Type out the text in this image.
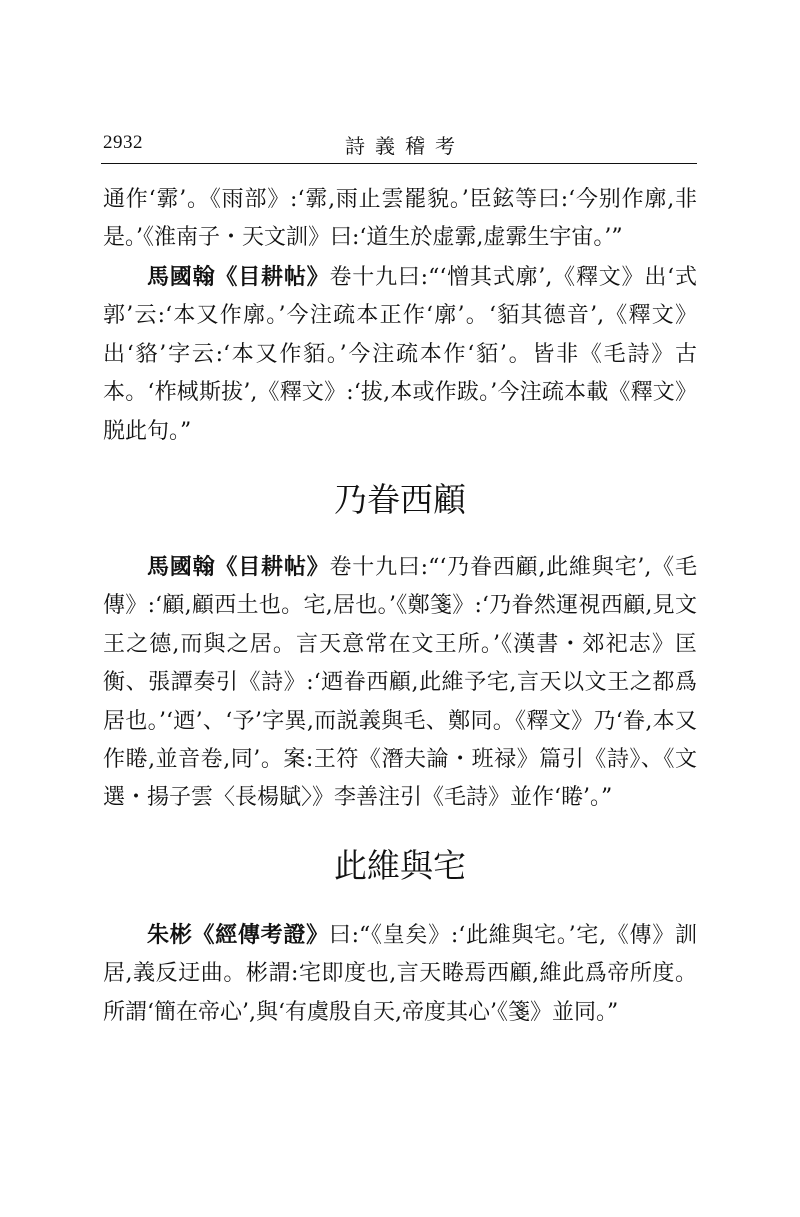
2932	詩義稽考

通作‘霩’。《雨部》:‘霩,雨止雲罷貌。’臣鉉等曰:‘今别作廓,非是。’《淮南子・天文訓》曰:‘道生於虚霩,虚霩生宇宙。’”

馬國翰《目耕帖》卷十九曰:“‘憎其式廓’,《釋文》出‘式郭’云:‘本又作廓。’今注疏本正作‘廓’。‘貊其德音’,《釋文》出‘貉’字云:‘本又作貊。’今注疏本作‘貊’。皆非《毛詩》古本。‘柞棫斯拔’,《釋文》:‘拔,本或作跋。’今注疏本載《釋文》脱此句。”

乃眷西顧

馬國翰《目耕帖》卷十九曰:“‘乃眷西顧,此維與宅’,《毛傳》:‘顧,顧西土也。宅,居也。’《鄭箋》:‘乃眷然運視西顧,見文王之德,而與之居。言天意常在文王所。’《漢書・郊祀志》匡衡、張譚奏引《詩》:‘迺眷西顧,此維予宅,言天以文王之都爲居也。’‘迺’、‘予’字異,而説義與毛、鄭同。《釋文》乃‘眷,本又作睠,並音卷,同’。案:王符《潛夫論・班禄》篇引《詩》、《文選・揚子雲〈長楊賦〉》李善注引《毛詩》並作‘睠’。”

此維與宅

朱彬《經傳考證》曰:“《皇矣》:‘此維與宅。’宅,《傳》訓居,義反迂曲。彬謂:宅即度也,言天睠焉西顧,維此爲帝所度。所謂‘簡在帝心’,與‘有虞殷自天,帝度其心’《箋》並同。”
